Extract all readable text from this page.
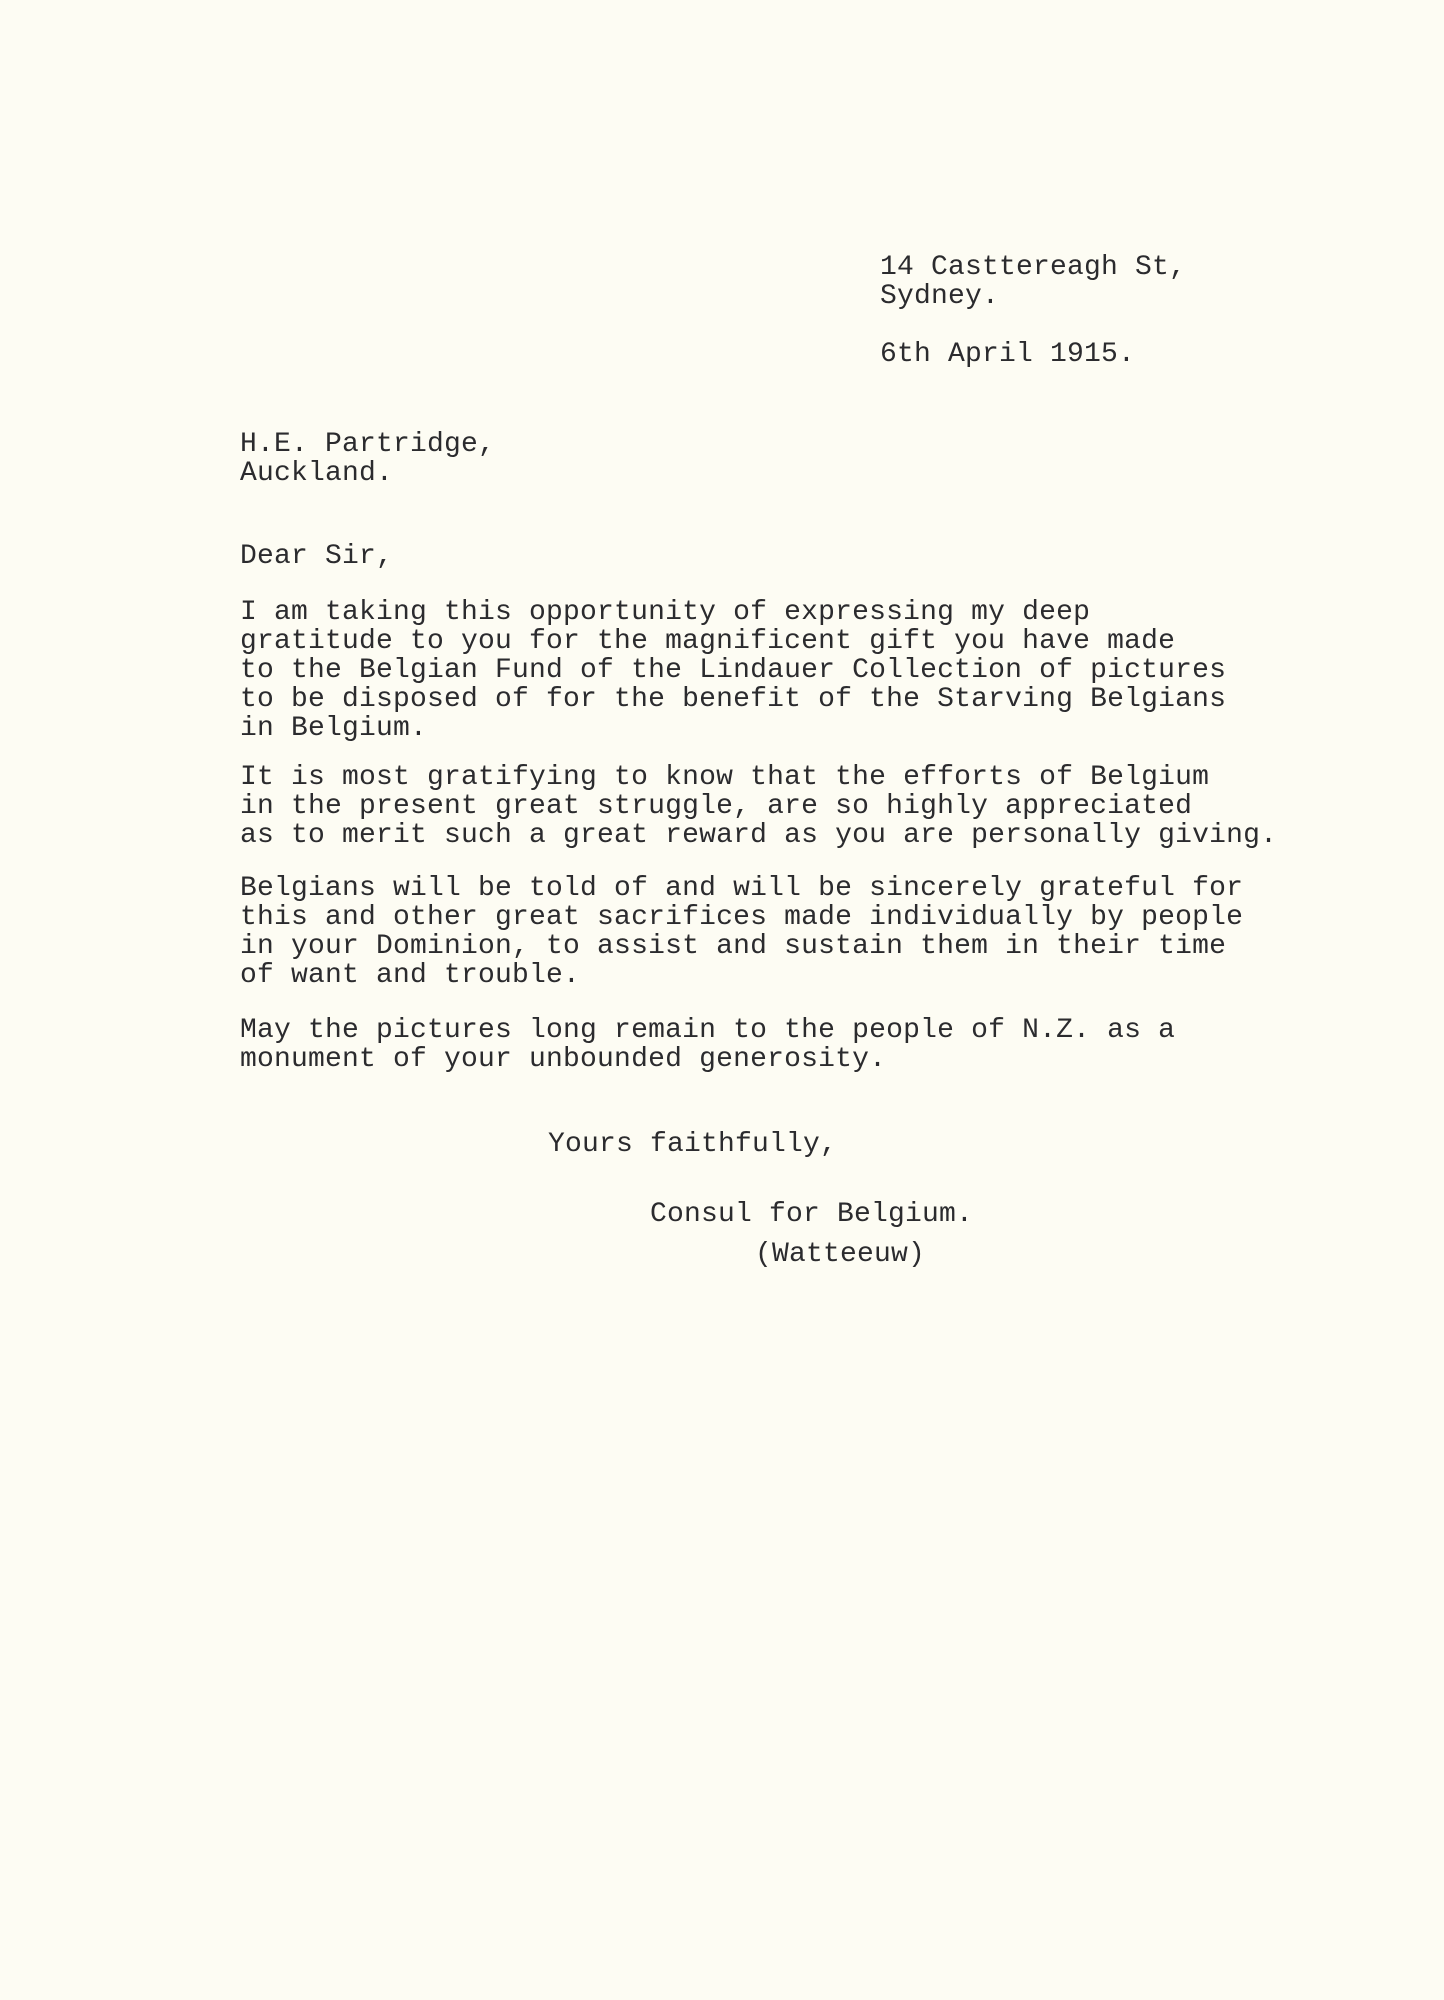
14 Casttereagh St,
Sydney.
6th April 1915.
H.E. Partridge,
Auckland.
Dear Sir,
I am taking this opportunity of expressing my deep
gratitude to you for the magnificent gift you have made
to the Belgian Fund of the Lindauer Collection of pictures
to be disposed of for the benefit of the Starving Belgians
in Belgium.
It is most gratifying to know that the efforts of Belgium
in the present great struggle, are so highly appreciated
as to merit such a great reward as you are personally giving.
Belgians will be told of and will be sincerely grateful for
this and other great sacrifices made individually by people
in your Dominion, to assist and sustain them in their time
of want and trouble.
May the pictures long remain to the people of N.Z. as a
monument of your unbounded generosity.
Yours faithfully,
Consul for Belgium.
(Watteeuw)
